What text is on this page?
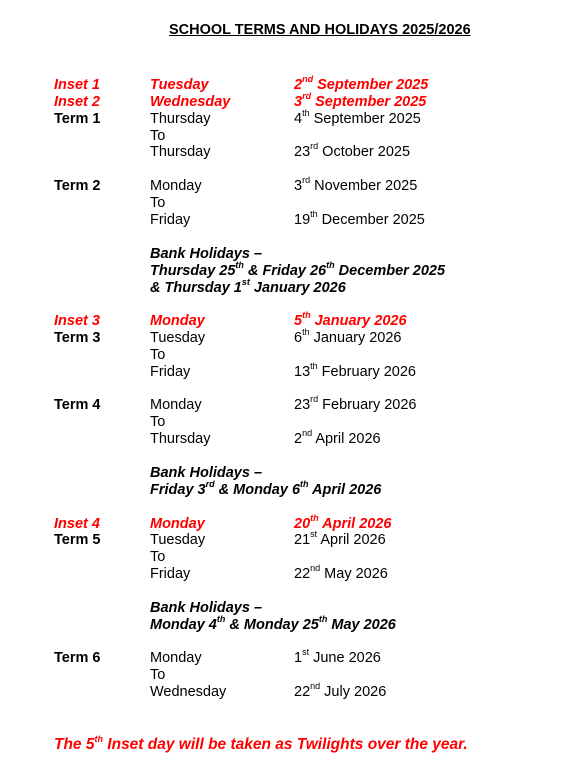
SCHOOL TERMS AND HOLIDAYS 2025/2026
Inset 1	Tuesday	2nd September 2025
Inset 2	Wednesday	3rd September 2025
Term 1	Thursday	4th September 2025
To
Thursday	23rd October 2025
Term 2	Monday	3rd November 2025
To
Friday	19th December 2025
Inset 3	Monday	5th January 2026
Term 3	Tuesday	6th January 2026
To
Friday	13th February 2026
Term 4	Monday	23rd February 2026
To
Thursday	2nd April 2026
Inset 4	Monday	20th April 2026
Term 5	Tuesday	21st April 2026
To
Friday	22nd May 2026
Term 6	Monday	1st June 2026
To
Wednesday	22nd July 2026
Bank Holidays –
Thursday 25th & Friday 26th December 2025
& Thursday 1st January 2026
Bank Holidays –
Friday 3rd & Monday 6th April 2026
Bank Holidays –
Monday 4th & Monday 25th May 2026
The 5th Inset day will be taken as Twilights over the year.
